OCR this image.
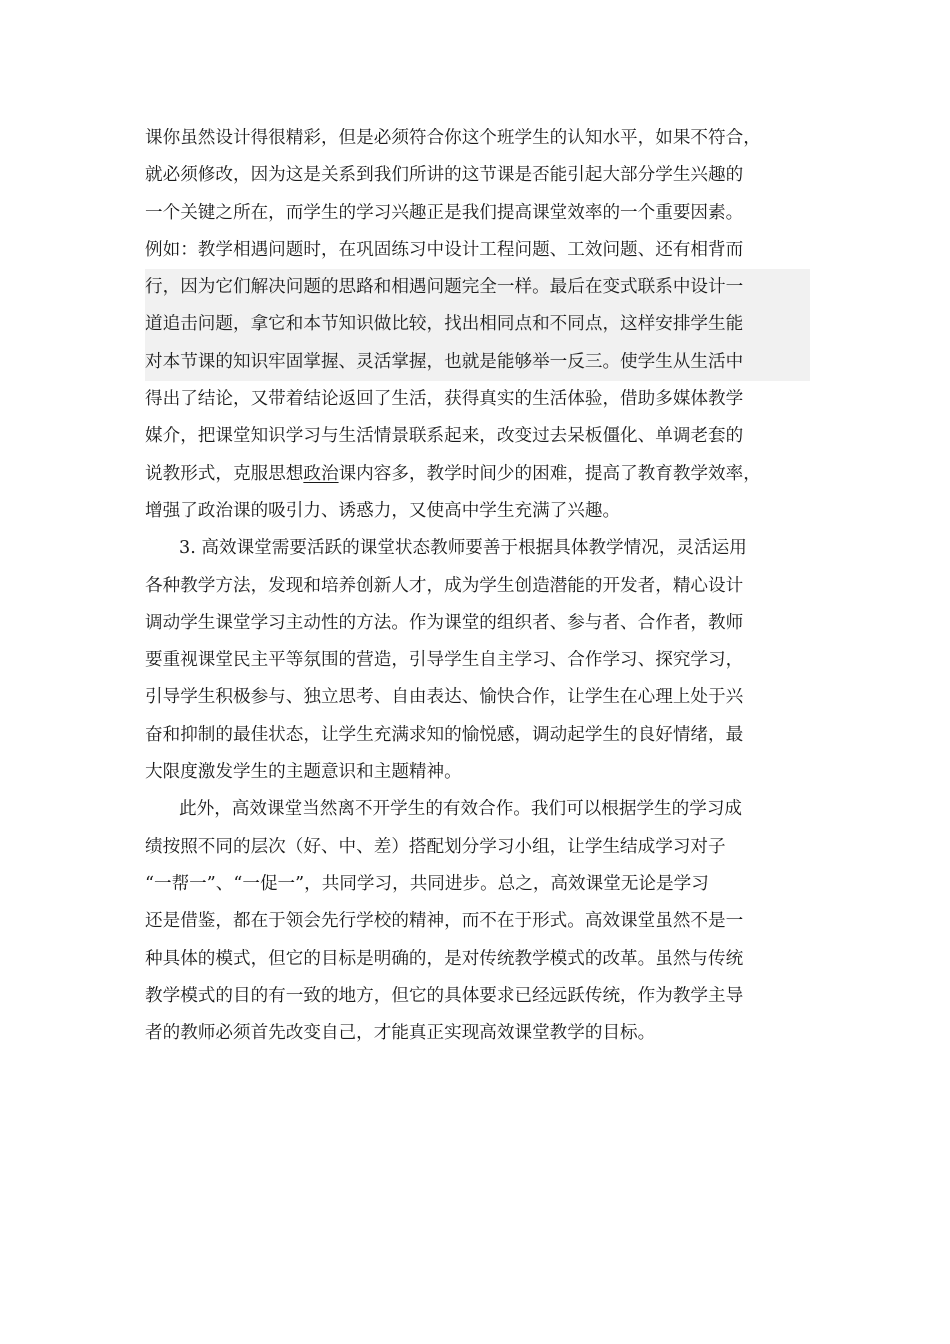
课你虽然设计得很精彩，但是必须符合你这个班学生的认知水平，如果不符合，
就必须修改，因为这是关系到我们所讲的这节课是否能引起大部分学生兴趣的
一个关键之所在，而学生的学习兴趣正是我们提高课堂效率的一个重要因素。
例如：教学相遇问题时，在巩固练习中设计工程问题、工效问题、还有相背而
行，因为它们解决问题的思路和相遇问题完全一样。最后在变式联系中设计一
道追击问题，拿它和本节知识做比较，找出相同点和不同点，这样安排学生能
对本节课的知识牢固掌握、灵活掌握，也就是能够举一反三。使学生从生活中
得出了结论，又带着结论返回了生活，获得真实的生活体验，借助多媒体教学
媒介，把课堂知识学习与生活情景联系起来，改变过去呆板僵化、单调老套的
说教形式，克服思想政治课内容多，教学时间少的困难，提高了教育教学效率，
增强了政治课的吸引力、诱惑力，又使高中学生充满了兴趣。
3. 高效课堂需要活跃的课堂状态教师要善于根据具体教学情况，灵活运用
各种教学方法，发现和培养创新人才，成为学生创造潜能的开发者，精心设计
调动学生课堂学习主动性的方法。作为课堂的组织者、参与者、合作者，教师
要重视课堂民主平等氛围的营造，引导学生自主学习、合作学习、探究学习，
引导学生积极参与、独立思考、自由表达、愉快合作，让学生在心理上处于兴
奋和抑制的最佳状态，让学生充满求知的愉悦感，调动起学生的良好情绪，最
大限度激发学生的主题意识和主题精神。
此外，高效课堂当然离不开学生的有效合作。我们可以根据学生的学习成
绩按照不同的层次（好、中、差）搭配划分学习小组，让学生结成学习对子
“一帮一”、“一促一”，共同学习，共同进步。总之，高效课堂无论是学习
还是借鉴，都在于领会先行学校的精神，而不在于形式。高效课堂虽然不是一
种具体的模式，但它的目标是明确的，是对传统教学模式的改革。虽然与传统
教学模式的目的有一致的地方，但它的具体要求已经远跃传统，作为教学主导
者的教师必须首先改变自己，才能真正实现高效课堂教学的目标。
